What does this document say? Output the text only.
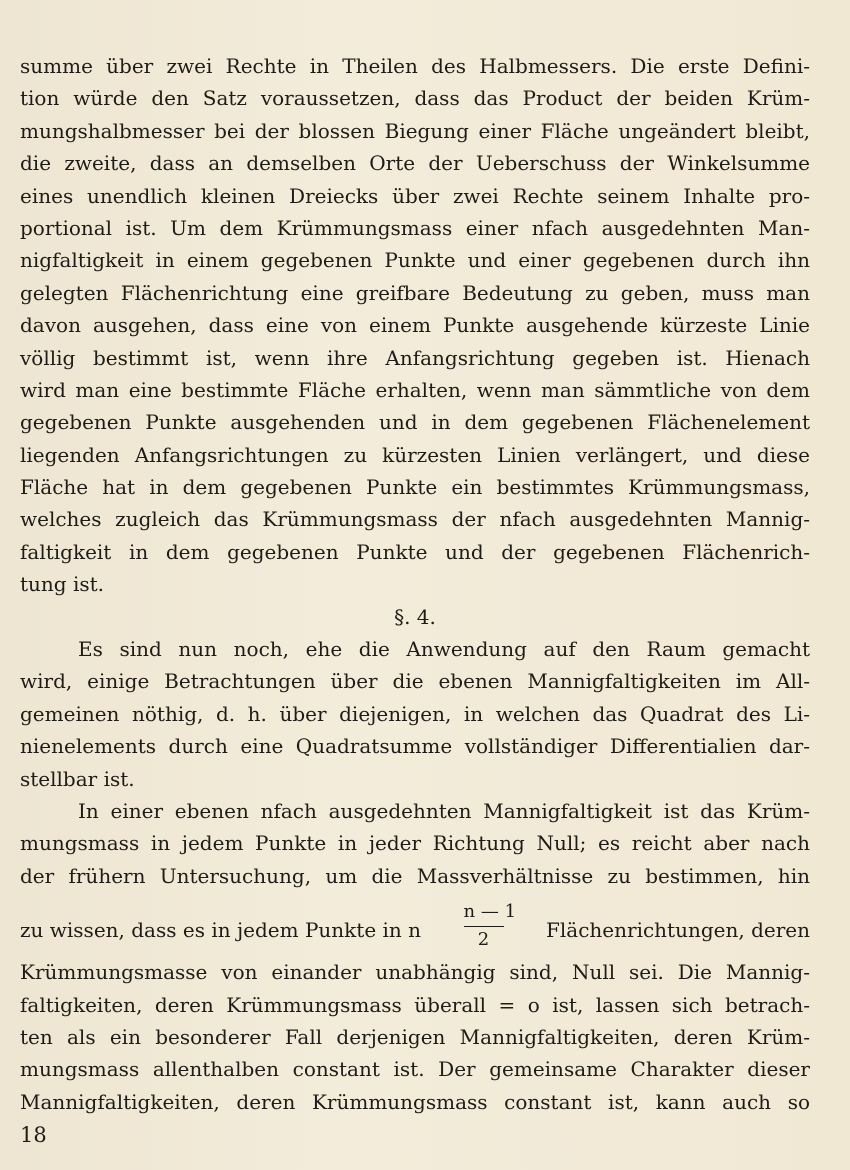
summe über zwei Rechte in Theilen des Halbmessers. Die erste Defini-
tion würde den Satz voraussetzen, dass das Product der beiden Krüm-
mungshalbmesser bei der blossen Biegung einer Fläche ungeändert bleibt,
die zweite, dass an demselben Orte der Ueberschuss der Winkelsumme
eines unendlich kleinen Dreiecks über zwei Rechte seinem Inhalte pro-
portional ist. Um dem Krümmungsmass einer nfach ausgedehnten Man-
nigfaltigkeit in einem gegebenen Punkte und einer gegebenen durch ihn
gelegten Flächenrichtung eine greifbare Bedeutung zu geben, muss man
davon ausgehen, dass eine von einem Punkte ausgehende kürzeste Linie
völlig bestimmt ist, wenn ihre Anfangsrichtung gegeben ist. Hienach
wird man eine bestimmte Fläche erhalten, wenn man sämmtliche von dem
gegebenen Punkte ausgehenden und in dem gegebenen Flächenelement
liegenden Anfangsrichtungen zu kürzesten Linien verlängert, und diese
Fläche hat in dem gegebenen Punkte ein bestimmtes Krümmungsmass,
welches zugleich das Krümmungsmass der nfach ausgedehnten Mannig-
faltigkeit in dem gegebenen Punkte und der gegebenen Flächenrich-
tung ist.
§. 4.
Es sind nun noch, ehe die Anwendung auf den Raum gemacht
wird, einige Betrachtungen über die ebenen Mannigfaltigkeiten im All-
gemeinen nöthig, d. h. über diejenigen, in welchen das Quadrat des Li-
nienelements durch eine Quadratsumme vollständiger Differentialien dar-
stellbar ist.
In einer ebenen nfach ausgedehnten Mannigfaltigkeit ist das Krüm-
mungsmass in jedem Punkte in jeder Richtung Null; es reicht aber nach
der frühern Untersuchung, um die Massverhältnisse zu bestimmen, hin
zu wissen, dass es in jedem Punkte in n $\frac{n — 1}{2}$ Flächenrichtungen, deren
Krümmungsmasse von einander unabhängig sind, Null sei. Die Mannig-
faltigkeiten, deren Krümmungsmass überall = o ist, lassen sich betrach-
ten als ein besonderer Fall derjenigen Mannigfaltigkeiten, deren Krüm-
mungsmass allenthalben constant ist. Der gemeinsame Charakter dieser
Mannigfaltigkeiten, deren Krümmungsmass constant ist, kann auch so
18
